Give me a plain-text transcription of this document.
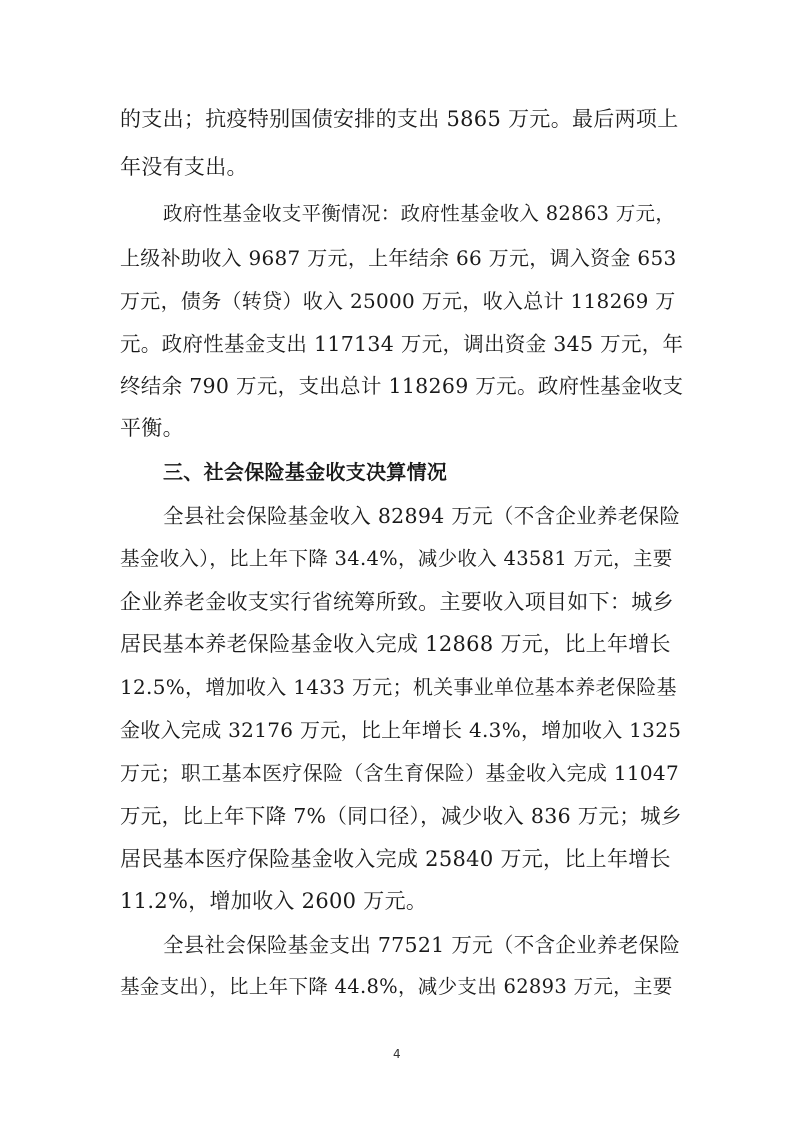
的支出；抗疫特别国债安排的支出 5865 万元。最后两项上
年没有支出。
政府性基金收支平衡情况：政府性基金收入 82863 万元，
上级补助收入 9687 万元，上年结余 66 万元，调入资金 653
万元，债务（转贷）收入 25000 万元，收入总计 118269 万
元。政府性基金支出 117134 万元，调出资金 345 万元，年
终结余 790 万元，支出总计 118269 万元。政府性基金收支
平衡。
三、社会保险基金收支决算情况
全县社会保险基金收入 82894 万元（不含企业养老保险
基金收入），比上年下降 34.4%，减少收入 43581 万元，主要
企业养老金收支实行省统筹所致。主要收入项目如下：城乡
居民基本养老保险基金收入完成 12868 万元，比上年增长
12.5%，增加收入 1433 万元；机关事业单位基本养老保险基
金收入完成 32176 万元，比上年增长 4.3%，增加收入 1325
万元；职工基本医疗保险（含生育保险）基金收入完成 11047
万元，比上年下降 7%（同口径），减少收入 836 万元；城乡
居民基本医疗保险基金收入完成 25840 万元，比上年增长
11.2%，增加收入 2600 万元。
全县社会保险基金支出 77521 万元（不含企业养老保险
基金支出），比上年下降 44.8%，减少支出 62893 万元，主要
4
